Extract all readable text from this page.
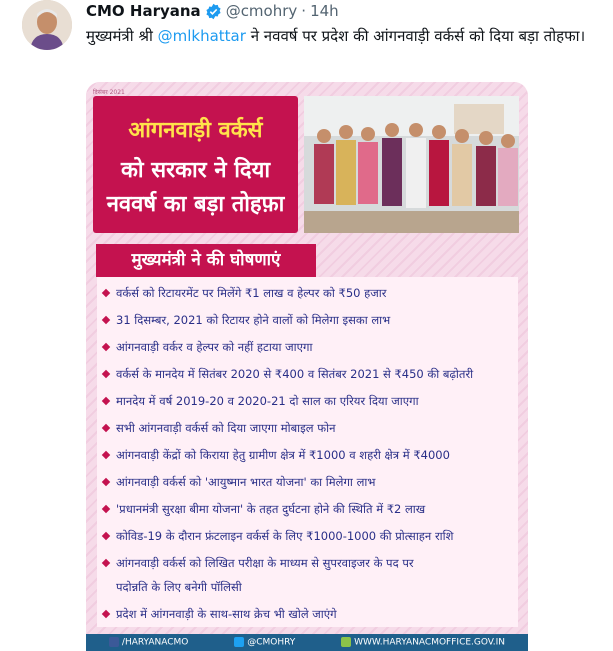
CMO Haryana @cmohry · 14h
मुख्यमंत्री श्री @mlkhattar ने नववर्ष पर प्रदेश की आंगनवाड़ी वर्कर्स को दिया बड़ा तोहफा।
दिसंबर 2021
आंगनवाड़ी वर्कर्स
को सरकार ने दिया
नववर्ष का बड़ा तोहफ़ा
मुख्यमंत्री ने की घोषणाएं
वर्कर्स को रिटायरमेंट पर मिलेंगे ₹1 लाख व हेल्पर को ₹50 हजार
31 दिसम्बर, 2021 को रिटायर होने वालों को मिलेगा इसका लाभ
आंगनवाड़ी वर्कर व हेल्पर को नहीं हटाया जाएगा
वर्कर्स के मानदेय में सितंबर 2020 से ₹400 व सितंबर 2021 से ₹450 की बढ़ोतरी
मानदेय में वर्ष 2019-20 व 2020-21 दो साल का एरियर दिया जाएगा
सभी आंगनवाड़ी वर्कर्स को दिया जाएगा मोबाइल फोन
आंगनवाड़ी केंद्रों को किराया हेतु ग्रामीण क्षेत्र में ₹1000 व शहरी क्षेत्र में ₹4000
आंगनवाड़ी वर्कर्स को 'आयुष्मान भारत योजना' का मिलेगा लाभ
'प्रधानमंत्री सुरक्षा बीमा योजना' के तहत दुर्घटना होने की स्थिति में ₹2 लाख
कोविड-19 के दौरान फ्रंटलाइन वर्कर्स के लिए ₹1000-1000 की प्रोत्साहन राशि
आंगनवाड़ी वर्कर्स को लिखित परीक्षा के माध्यम से सुपरवाइजर के पद पर
पदोन्नति के लिए बनेगी पॉलिसी
प्रदेश में आंगनवाड़ी के साथ-साथ क्रेच भी खोले जाएंगे
/HARYANACMO	@CMOHRY	WWW.HARYANACMOFFICE.GOV.IN
